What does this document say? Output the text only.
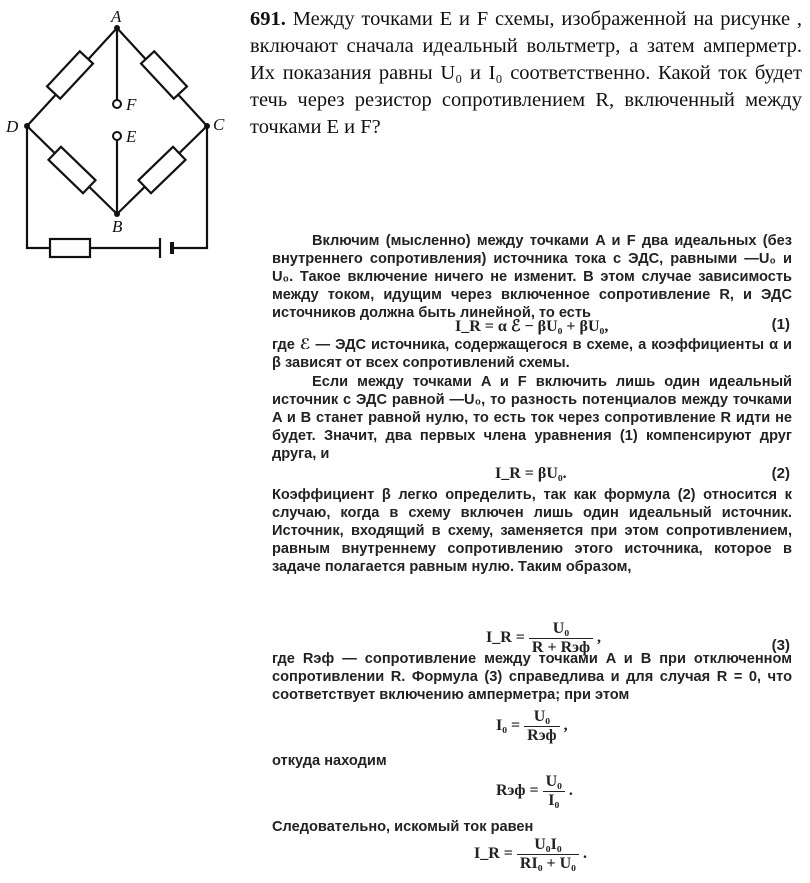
A
D	C
B
F
E
691. Между точками E и F схемы, изображенной на рисунке , включают сначала идеальный вольтметр, а затем амперметр. Их показания равны U₀ и I₀ соответственно. Какой ток будет течь через резистор сопротивлением R, включенный между точками E и F?

Включим (мысленно) между точками A и F два идеальных (без внутреннего сопротивления) источника тока с ЭДС, равными —U₀ и U₀. Такое включение ничего не изменит. В этом случае зависимость между током, идущим через включенное сопротивление R, и ЭДС источников должна быть линейной, то есть

I_R = α ℰ − βU₀ + βU₀,	(1)

где ℰ — ЭДС источника, содержащегося в схеме, а коэффициенты α и β зависят от всех сопротивлений схемы.

Если между точками A и F включить лишь один идеальный источник с ЭДС равной —U₀, то разность потенциалов между точками A и B станет равной нулю, то есть ток через сопротивление R идти не будет. Значит, два первых члена уравнения (1) компенсируют друг друга, и

I_R = βU₀.	(2)

Коэффициент β легко определить, так как формула (2) относится к случаю, когда в схему включен лишь один идеальный источник. Источник, входящий в схему, заменяется при этом сопротивлением, равным внутреннему сопротивлению этого источника, которое в задаче полагается равным нулю. Таким образом,

I_R = $\frac{\text{U₀}}{\text{R + Rэф}}$ ,	(3)

где Rэф — сопротивление между точками A и B при отключенном сопротивлении R. Формула (3) справедлива и для случая R = 0, что соответствует включению амперметра; при этом

$I_0 = \frac{\text{U₀}}{\text{Rэф}}$ ,

откуда находим

Rэф = $\frac{\text{U₀}}{\text{I₀}}$ .

Следовательно, искомый ток равен

I_R = $\frac{\text{U₀I₀}}{\text{RI₀ + U₀}}$ .
